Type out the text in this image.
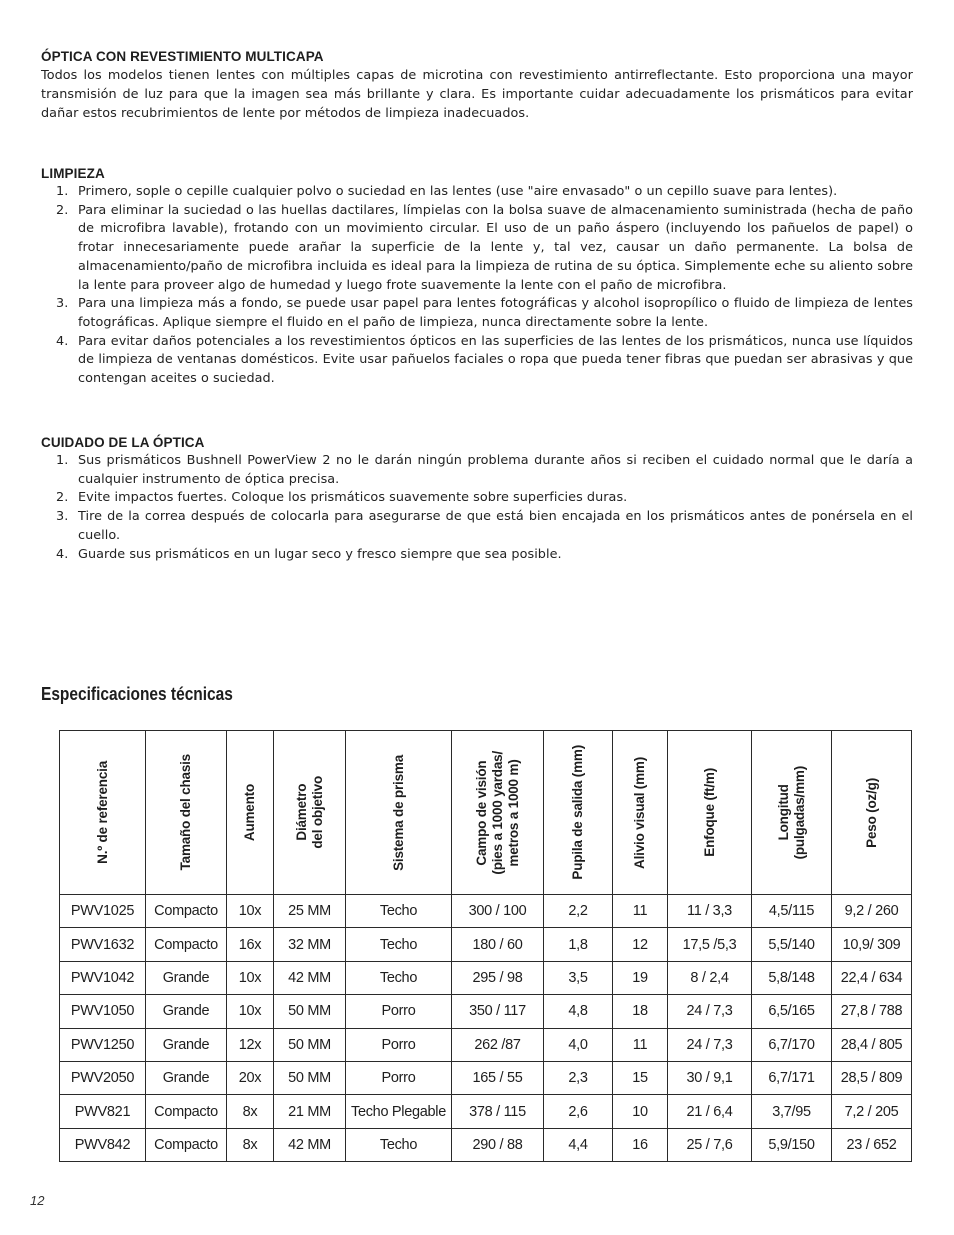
ÓPTICA CON REVESTIMIENTO MULTICAPA

Todos los modelos tienen lentes con múltiples capas de microtina con revestimiento antirreflectante. Esto proporciona una mayor transmisión de luz para que la imagen sea más brillante y clara. Es importante cuidar adecuadamente los prismáticos para evitar dañar estos recubrimientos de lente por métodos de limpieza inadecuados.

LIMPIEZA
1. Primero, sople o cepille cualquier polvo o suciedad en las lentes (use "aire envasado" o un cepillo suave para lentes).
2. Para eliminar la suciedad o las huellas dactilares, límpielas con la bolsa suave de almacenamiento suministrada (hecha de paño de microfibra lavable), frotando con un movimiento circular. El uso de un paño áspero (incluyendo los pañuelos de papel) o frotar innecesariamente puede arañar la superficie de la lente y, tal vez, causar un daño permanente. La bolsa de almacenamiento/paño de microfibra incluida es ideal para la limpieza de rutina de su óptica. Simplemente eche su aliento sobre la lente para proveer algo de humedad y luego frote suavemente la lente con el paño de microfibra.
3. Para una limpieza más a fondo, se puede usar papel para lentes fotográficas y alcohol isopropílico o fluido de limpieza de lentes fotográficas. Aplique siempre el fluido en el paño de limpieza, nunca directamente sobre la lente.
4. Para evitar daños potenciales a los revestimientos ópticos en las superficies de las lentes de los prismáticos, nunca use líquidos de limpieza de ventanas domésticos. Evite usar pañuelos faciales o ropa que pueda tener fibras que puedan ser abrasivas y que contengan aceites o suciedad.
CUIDADO DE LA ÓPTICA
1. Sus prismáticos Bushnell PowerView 2 no le darán ningún problema durante años si reciben el cuidado normal que le daría a cualquier instrumento de óptica precisa.
2. Evite impactos fuertes. Coloque los prismáticos suavemente sobre superficies duras.
3. Tire de la correa después de colocarla para asegurarse de que está bien encajada en los prismáticos antes de ponérsela en el cuello.
4. Guarde sus prismáticos en un lugar seco y fresco siempre que sea posible.
Especificaciones técnicas
N.º de referencia	Tamaño del chasis	Aumento	Diámetro
del objetivo	Sistema de prisma	Campo de visión
(pies a 1000 yardas/
metros a 1000 m)	Pupila de salida (mm)	Alivio visual (mm)	Enfoque (ft/m)	Longitud
(pulgadas/mm)	Peso (oz/g)

PWV1025	Compacto	10x	25 MM	Techo	300 / 100	2,2	11	11 / 3,3	4,5/115	9,2 / 260
PWV1632	Compacto	16x	32 MM	Techo	180 / 60	1,8	12	17,5 /5,3	5,5/140	10,9/ 309
PWV1042	Grande	10x	42 MM	Techo	295 / 98	3,5	19	8 / 2,4	5,8/148	22,4 / 634
PWV1050	Grande	10x	50 MM	Porro	350 / 117	4,8	18	24 / 7,3	6,5/165	27,8 / 788
PWV1250	Grande	12x	50 MM	Porro	262 /87	4,0	11	24 / 7,3	6,7/170	28,4 / 805
PWV2050	Grande	20x	50 MM	Porro	165 / 55	2,3	15	30 / 9,1	6,7/171	28,5 / 809
PWV821	Compacto	8x	21 MM	Techo Plegable	378 / 115	2,6	10	21 / 6,4	3,7/95	7,2 / 205
PWV842	Compacto	8x	42 MM	Techo	290 / 88	4,4	16	25 / 7,6	5,9/150	23 / 652
12
